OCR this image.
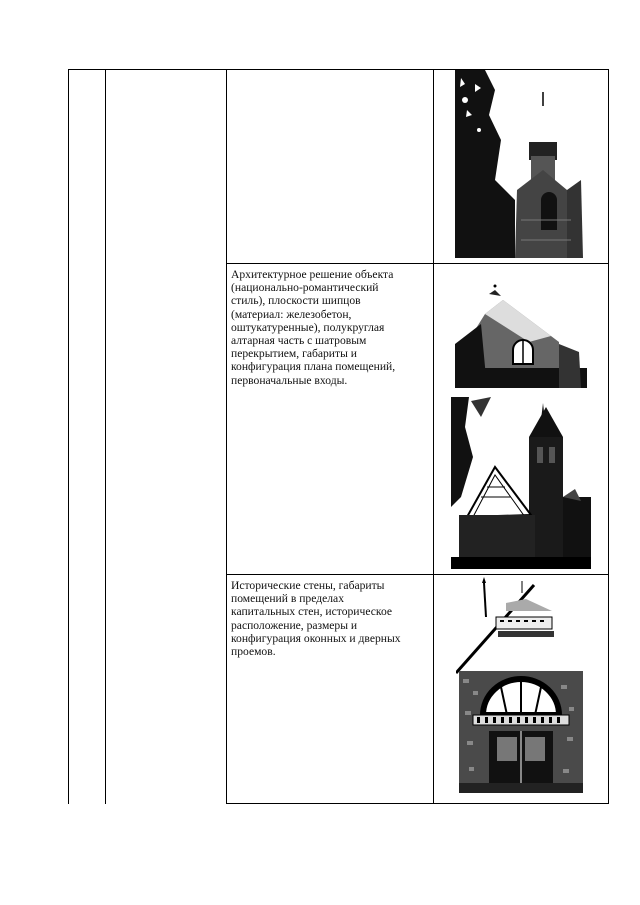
Архитектурное решение объекта
(национально-романтический
стиль), плоскости шипцов
(материал: железобетон,
оштукатуренные), полукруглая
алтарная часть с шатровым
перекрытием, габариты и
конфигурация плана помещений,
первоначальные входы.

Исторические стены, габариты
помещений в пределах
капитальных стен, историческое
расположение, размеры и
конфигурация оконных и дверных
проемов.
